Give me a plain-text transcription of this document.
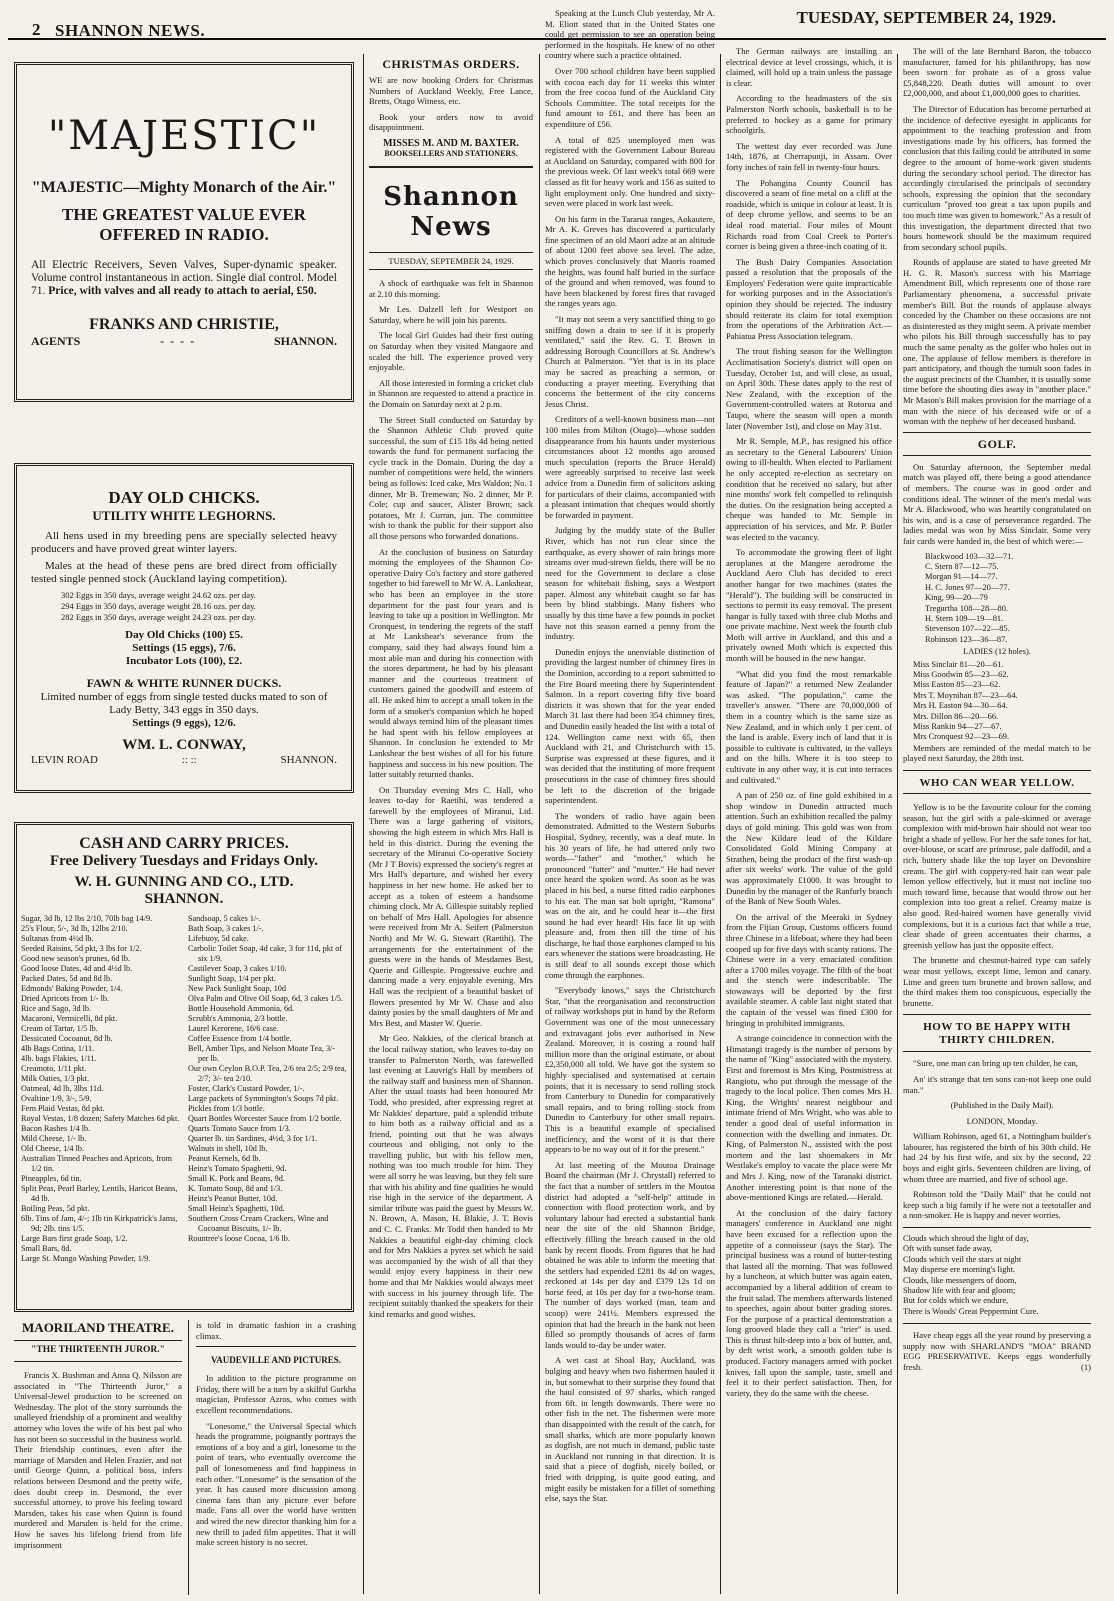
2 SHANNON NEWS.
TUESDAY, SEPTEMBER 24, 1929.
"MAJESTIC"
"MAJESTIC—Mighty Monarch of the Air."
THE GREATEST VALUE EVER OFFERED IN RADIO.
All Electric Receivers, Seven Valves, Super-dynamic speaker. Volume control instantaneous in action. Single dial control. Model 71. Price, with valves and all ready to attach to aerial, £50.
FRANKS AND CHRISTIE,
AGENTS	-  -  -  -	SHANNON.
DAY OLD CHICKS.
UTILITY WHITE LEGHORNS.
All hens used in my breeding pens are specially selected heavy producers and have proved great winter layers.
Males at the head of these pens are bred direct from officially tested single penned stock (Auckland laying competition).
302 Eggs in 350 days, average weight 24.62 ozs. per day.
294 Eggs in 350 days, average weight 28.16 ozs. per day.
282 Eggs in 350 days, average weight 24.23 ozs. per day.
Day Old Chicks (100) £5.
Settings (15 eggs), 7/6.
Incubator Lots (100), £2.
FAWN & WHITE RUNNER DUCKS.
Limited number of eggs from single tested ducks mated to son of Lady Betty, 343 eggs in 350 days.
Settings (9 eggs), 12/6.
WM. L. CONWAY,
LEVIN ROAD	:: ::	SHANNON.
CASH AND CARRY PRICES.
Free Delivery Tuesdays and Fridays Only.
W. H. GUNNING AND CO., LTD.
SHANNON.
Sugar, 3d lb, 12 lbs 2/10, 70lb bag 14/9.
25's Flour, 5/-, 3d lb, 12lbs 2/10.
Sultanas from 4½d lb.
Seeded Raisins, 5d pkt, 3 lbs for 1/2.
Good new season's prunes, 6d lb.
Good loose Dates, 4d and 4½d lb.
Packed Dates, 5d and 8d lb.
Edmonds' Baking Powder, 1/4.
Dried Apricots from 1/- lb.
Rice and Sago, 3d lb.
Macaroni, Vermicelli, 8d pkt.
Cream of Tartar, 1/5 lb.
Dessicated Cocoanut, 8d lb.
4lb Bags Cotina, 1/11.
4lb. bags Flakies, 1/11.
Creamoto, 1/11 pkt.
Milk Oaties, 1/3 pkt.
Oatmeal, 4d lb, 3lbs 11d.
Ovaltine 1/9, 3/-, 5/9.
Fern Plaid Vestas, 8d pkt.
Royal Vestas, 1/8 dozen; Safety Matches 6d pkt.
Bacon Rashes 1/4 lb.
Mild Cheese, 1/- lb.
Old Cheese, 1/4 lb.
Australian Tinned Peaches and Apricots, from 1/2 tin.
Pineapples, 6d tin.
Split Peas, Pearl Barley, Lentils, Haricot Beans, 4d lb.
Boiling Peas, 5d pkt.
6lb. Tins of Jam, 4/-; 1lb tin Kirkpatrick's Jams, 9d; 2lb. tins 1/5.
Large Bars first grade Soap, 1/2.
Small Bars, 8d.
Large St. Mungo Washing Powder, 1/9.
Sandsoap, 5 cakes 1/-.
Bath Soap, 3 cakes 1/-.
Lifebuoy, 5d cake.
Carbolic Toilet Soap, 4d cake, 3 for 11d, pkt of six 1/9.
Castilever Soap, 3 cakes 1/10.
Sunlight Soap, 1/4 per pkt.
New Pack Sunlight Soap, 10d
Olva Palm and Olive Oil Soap, 6d, 3 cakes 1/5.
Bottle Household Ammonia, 6d.
Scrubb's Ammonia, 2/3 bottle.
Laurel Kerorene, 16/6 case.
Coffee Essence from 1/4 bottle.
Bell, Amber Tips, and Nelson Moate Tea, 3/- per lb.
Our own Ceylon B.O.P. Tea, 2/6 tea 2/5; 2/9 tea, 2/7; 3/- tea 2/10.
Foster, Clark's Custard Powder, 1/-.
Large packets of Symmington's Soups 7d pkt.
Pickles from 1/3 bottle.
Quart Bottles Worcester Sauce from 1/2 bottle.
Quarts Tomato Sauce from 1/3.
Quarter lb. tin Sardines, 4½d, 3 for 1/1.
Walnuts in shell, 10d lb.
Peanut Kernels, 6d lb.
Heinz's Tomato Spaghetti, 9d.
Small K. Pork and Beans, 9d.
K. Tomato Soup, 8d and 1/3.
Heinz's Peanut Butter, 10d.
Small Heinz's Spaghetti, 10d.
Southern Cross Cream Crackers, Wine and Cocoanut Biscuits, 1/- lb.
Rountree's loose Cocoa, 1/6 lb.
MAORILAND THEATRE.
"THE THIRTEENTH JUROR."

Francis X. Bushman and Anna Q. Nilsson are associated in "The Thirteenth Juror," a Universal-Jewel production to be screened on Wednesday. The plot of the story surrounds the unalleyed friendship of a prominent and wealthy attorney who loves the wife of his best pal who has not been so successful in the business world. Their friendship continues, even after the marriage of Marsden and Helen Frazier, and not until George Quinn, a political boss, infers relations between Desmond and the pretty wife, does doubt creep in. Desmond, the ever successful attorney, to prove his feeling toward Marsden, takes his case when Quinn is found murdered and Marsden is held for the crime. How he saves his lifelong friend from life imprisonment

is told in dramatic fashion in a crashing climax.

VAUDEVILLE AND PICTURES.

In addition to the picture programme on Friday, there will be a turn by a skilful Gurkha magician, Professor Azros, who comes with excellent recommendations.

"Lonesome," the Universal Special which heads the programme, poignantly portrays the emotions of a boy and a girl, lonesome to the point of tears, who eventually overcome the pall of lonesomeness and find happiness in each other. "Lonesome" is the sensation of the year. It has caused more discussion among cinema fans than any picture ever before made. Fans all over the world have written and wired the new director thanking him for a new thrill to jaded film appetites. That it will make screen history is no secret.

CHRISTMAS ORDERS.

WE are now booking Orders for Christmas Numbers of Auckland Weekly, Free Lance, Bretts, Otago Witness, etc.

Book your orders now to avoid disappointment.

MISSES M. AND M. BAXTER.
BOOKSELLERS AND STATIONERS.
Shannon News
TUESDAY, SEPTEMBER 24, 1929.

A shock of earthquake was felt in Shannon at 2.10 this morning.

Mr Les. Dalzell left for Westport on Saturday, where he will join his parents.

The local Girl Guides had their first outing on Saturday when they visited Mangaore and scaled the hill. The experience proved very enjoyable.

All those interested in forming a cricket club in Shannon are requested to attend a practice in the Domain on Saturday next at 2 p.m.

The Street Stall conducted on Saturday by the Shannon Athletic Club proved quite successful, the sum of £15 18s 4d being netted towards the fund for permanent surfacing the cycle track in the Domain. During the day a number of competitions were held, the winners being as follows: Iced cake, Mrs Waldon; No. 1 dinner, Mr B. Tremewan; No. 2 dinner, Mr P. Cole; cup and saucer, Alister Brown; sack potatoes, Mr J. Curran, jun. The committee wish to thank the public for their support also all those persons who forwarded donations.

At the conclusion of business on Saturday morning the employees of the Shannon Co-operative Dairy Co's factory and store gathered together to bid farewell to Mr W. A. Lankshear, who has been an employee in the store department for the past four years and is leaving to take up a position in Wellington. Mr Cronquest, in tendering the regrets of the staff at Mr Lankshear's severance from the company, said they had always found him a most able man and during his connection with the stores department, he had by his pleasant manner and the courteous treatment of customers gained the goodwill and esteem of all. He asked him to accept a small token in the form of a smoker's companion which he hoped would always remind him of the pleasant times he had spent with his fellow employees at Shannon. In conclusion he extended to Mr Lankshear the best wishes of all for his future happiness and success in his new position. The latter suitably returned thanks.

On Thursday evening Mrs C. Hall, who leaves to-day for Raetihi, was tendered a farewell by the employees of Miranui, Ltd. There was a large gathering of visitors, showing the high esteem in which Mrs Hall is held in this district. During the evening the secretary of the Miranui Co-operative Society (Mr J T Bovis) expressed the society's regret at Mrs Hall's departure, and wished her every happiness in her new home. He asked her to accept as a token of esteem a handsome chiming clock. Mr A. Gillespie suitably replied on behalf of Mrs Hall. Apologies for absence were received from Mr A. Seifert (Palmerston North) and Mr W. G. Stewart (Raetihi). The arrangements for the entertainment of the guests were in the hands of Mesdames Best, Querie and Gillespie. Progressive euchre and dancing made a very enjoyable evening. Mrs Hall was the recipient of a beautiful basket of flowers presented by Mr W. Chase and also dainty posies by the small daughters of Mr and Mrs Best, and Master W. Querie.

Mr Geo. Nakkies, of the clerical branch at the local railway station, who leaves to-day on transfer to Palmerston North, was farewelled last evening at Lauvrig's Hall by members of the railway staff and business men of Shannon. After the usual toasts had been honoured Mr Todd, who presided, after expressing regret at Mr Nakkies' departure, paid a splendid tribute to him both as a railway official and as a friend, pointing out that he was always courteous and obliging, not only to the travelling public, but with his fellow men, nothing was too much trouble for him. They were all sorry he was leaving, but they felt sure that with his ability and fine qualities he would rise high in the service of the department. A similar tribute was paid the guest by Messrs W. N. Brown, A. Mason, H. Blakie, J. T. Bovis and C. C. Franks. Mr Todd then handed to Mr Nakkies a beautiful eight-day chiming clock and for Mrs Nakkies a pyrex set which he said was accompanied by the wish of all that they would enjoy every happiness in their new home and that Mr Nakkies would always meet with success in his journey through life. The recipient suitably thanked the speakers for their kind remarks and good wishes.

Speaking at the Lunch Club yesterday, Mr A. M. Eliott stated that in the United States one could get permission to see an operation being performed in the hospitals. He knew of no other country where such a practice obtained.

Over 700 school children have been supplied with cocoa each day for 11 weeks this winter from the free cocoa fund of the Auckland City Schools Committee. The total receipts for the fund amount to £61, and there has been an expenditure of £56.

A total of 825 unemployed men was registered with the Government Labour Bureau at Auckland on Saturday, compared with 800 for the previous week. Of last week's total 669 were classed as fit for heavy work and 156 as suited to light employment only. One hundred and sixty-seven were placed in work last week.

On his farm in the Tararua ranges, Aokautere, Mr A. K. Greves has discovered a particularly fine specimen of an old Maori adze at an altitude of about 1200 feet above sea level. The adze, which proves conclusively that Maoris roamed the heights, was found half buried in the surface of the ground and when removed, was found to have been blackened by forest fires that ravaged the ranges years ago.

"It may not seem a very sanctified thing to go sniffing down a drain to see if it is properly ventilated," said the Rev. G. T. Brown in addressing Borough Councillors at St. Andrew's Church at Palmerston. "Yet that is in its place may be sacred as preaching a sermon, or conducting a prayer meeting. Everything that concerns the betterment of the city concerns Jesus Christ.

Creditors of a well-known business man—not 100 miles from Milton (Otago)—whose sudden disappearance from his haunts under mysterious circumstances about 12 months ago aroused much speculation (reports the Bruce Herald) were agreeably surprised to receive last week advice from a Dunedin firm of solicitors asking for particulars of their claims, accompanied with a pleasant intimation that cheques would shortly be forwarded in payment.

Judging by the muddy state of the Buller River, which has not run clear since the earthquake, as every shower of rain brings more streams over mud-strewn fields, there will be no need for the Government to declare a close season for whitebait fishing, says a Westport paper. Almost any whitebait caught so far has been by blind stabbings. Many fishers who usually by this time have a few pounds in pocket have not this season earned a penny from the industry.

Dunedin enjoys the unenviable distinction of providing the largest number of chimney fires in the Dominion, according to a report submitted to the Fire Board meeting there by Superintendent Salmon. In a report covering fifty five board districts it was shown that for the year ended March 31 last there had been 354 chimney fires, and Dunedin easily headed the list with a total of 124. Wellington came next with 65, then Auckland with 21, and Christchurch with 15. Surprise was expressed at these figures, and it was decided that the instituting of more frequent prosecutions in the case of chimney fires should be left to the discretion of the brigade superintendent.

The wonders of radio have again been demonstrated. Admitted to the Western Suburbs Hospital, Sydney, recently, was a deaf mute. In his 30 years of life, he had uttered only two words—"father" and "mother," which he pronounced "futter" and "mutter." He had never once heard the spoken word. As soon as he was placed in his bed, a nurse fitted radio earphones to his ear. The man sat bolt upright, "Ramona" was on the air, and he could hear it—the first sound he had ever heard! His face lit up with pleasure and, from then till the time of his discharge, he had those earphones clamped to his ears whenever the stations were broadcasting. He is still deaf to all sounds except those which come through the earphones.

"Everybody knows," says the Christchurch Star, "that the reorganisation and reconstruction of railway workshops put in hand by the Reform Government was one of the most unnecessary and extravagant jobs ever authorised in New Zealand. Moreover, it is costing a round half million more than the original estimate, or about £2,350,000 all told. We have got the system so highly specialised and systematised at certain points, that it is necessary to send rolling stock from Canterbury to Dunedin for comparatively small repairs, and to bring rolling stock from Dunedin to Canterbury for other small repairs. This is a beautiful example of specialised inefficiency, and the worst of it is that there appears to be no way out of it for the present."

At last meeting of the Moutoa Drainage Board the chairman (Mr J. Chrystall) referred to the fact that a number of settlers in the Moutoa district had adopted a "self-help" attitude in connection with flood protection work, and by voluntary labour had erected a substantial bank near the site of the old Shannon Bridge, effectively filling the breach caused in the old bank by recent floods. From figures that he had obtained he was able to inform the meeting that the settlers had expended £281 8s 4d on wages, reckoned at 14s per day and £379 12s 1d on horse feed, at 10s per day for a two-horse team. The number of days worked (man, team and scoop) were 241½. Members expressed the opinion that had the breach in the bank not been filled so promptly thousands of acres of farm lands would to-day be under water.

A wet cast at Shoal Bay, Auckland, was bulging and heavy when two fishermen hauled it in, but somewhat to their surprise they found that the haul consisted of 97 sharks, which ranged from 6ft. in length downwards. There were no other fish in the net. The fishermen were more than disappointed with the result of the catch, for small sharks, which are more popularly known as dogfish, are not much in demand, public taste in Auckland not running in that direction. It is said that a piece of dogfish, nicely boiled, or fried with dripping, is quite good eating, and might easily be mistaken for a fillet of something else, says the Star.

The German railways are installing an electrical device at level crossings, which, it is claimed, will hold up a train unless the passage is clear.

According to the headmasters of the six Palmerston North schools, basketball is to be preferred to hockey as a game for primary schoolgirls.

The wettest day ever recorded was June 14th, 1876, at Cherrapunji, in Assam. Over forty inches of rain fell in twenty-four hours.

The Pohangina County Council has discovered a seam of fine metal on a cliff at the roadside, which is unique in colour at least. It is of deep chrome yellow, and seems to be an ideal road material. Four miles of Mount Richards road from Coal Creek to Porter's corner is being given a three-inch coating of it.

The Bush Dairy Companies Association passed a resolution that the proposals of the Employers' Federation were quite impracticable for working purposes and in the Association's opinion they should be rejected. The industry should reiterate its claim for total exemption from the operations of the Arbitration Act.—Pahiatua Press Association telegram.

The trout fishing season for the Wellington Acclimatisation Society's district will open on Tuesday, October 1st, and will close, as usual, on April 30th. These dates apply to the rest of New Zealand, with the exception of the Government-controlled waters at Rotorua and Taupo, where the season will open a month later (November 1st), and close on May 31st.

Mr R. Semple, M.P., has resigned his office as secretary to the General Labourers' Union owing to ill-health. When elected to Parliament he only accepted re-election as secretary on condition that he received no salary, but after nine months' work felt compelled to relinquish the duties. On the resignation being accepted a cheque was handed to Mr. Semple in appreciation of his services, and Mr. P. Butler was elected to the vacancy.

To accommodate the growing fleet of light aeroplanes at the Mangere aerodrome the Auckland Aero Club has decided to erect another hangar for two machines (states the "Herald"). The building will be constructed in sections to permit its easy removal. The present hangar is fully taxed with three club Moths and one private machine. Next week the fourth club Moth will arrive in Auckland, and this and a privately owned Moth which is expected this month will be housed in the new hangar.

"What did you find the most remarkable feature of Japan?" a returned New Zealander was asked. "The population," came the traveller's answer. "There are 70,000,000 of them in a country which is the same size as New Zealand, and in which only 1 per cent. of the land is arable. Every inch of land that it is possible to cultivate is cultivated, in the valleys and on the hills. Where it is too steep to cultivate in any other way, it is cut into terraces and cultivated."

A pan of 250 oz. of fine gold exhibited in a shop window in Dunedin attracted much attention. Such an exhibition recalled the palmy days of gold mining. This gold was won from the New Kildare lead of the Kildare Consolidated Gold Mining Company at Strathen, being the product of the first wash-up after six weeks' work. The value of the gold was approximately £1000. It was brought to Dunedin by the manager of the Ranfurly branch of the Bank of New South Wales.

On the arrival of the Meeraki in Sydney from the Fijian Group, Customs officers found three Chinese in a lifeboat, where they had been cooped up for five days with scanty rations. The Chinese were in a very emaciated condition after a 1700 miles voyage. The filth of the boat and the stench were indescribable. The stowaways will be deported by the first available steamer. A cable last night stated that the captain of the vessel was fined £300 for bringing in prohibited immigrants.

A strange coincidence in connection with the Himatangi tragedy is the number of persons by the name of "King" associated with the mystery. First and foremost is Mrs King, Postmistress at Rangiotu, who put through the message of the tragedy to the local police. Then comes Mrs H. King, the Wrights' nearest neighbour and intimate friend of Mrs Wright, who was able to tender a good deal of useful information in connection with the dwelling and inmates. Dr. King, of Palmerston N., assisted with the post mortem and the last shoemakers in Mr Westlake's employ to vacate the place were Mr and Mrs J. King, now of the Taranaki district. Another interesting point is that none of the above-mentioned Kings are related.—Herald.

At the conclusion of the dairy factory managers' conference in Auckland one night have been excused for a reflection upon the appetite of a connoisseur (says the Star). The principal business was a round of butter-testing that lasted all the morning. That was followed by a luncheon, at which butter was again eaten, accompanied by a liberal addition of cream to the fruit salad. The members afterwards listened to speeches, again about butter grading stores. For the purpose of a practical demonstration a long grooved blade they call a "trier" is used. This is thrust hilt-deep into a box of butter, and, by deft wrist work, a smooth golden tube is produced. Factory managers armed with pocket knives, fall upon the sample, taste, smell and feel it to their perfect satisfaction. Then, for variety, they do the same with the cheese.

The will of the late Bernhard Baron, the tobacco manufacturer, famed for his philanthropy, has now been sworn for probate as of a gross value £5,848,220. Death duties will amount to over £2,000,000, and about £1,000,000 goes to charities.

The Director of Education has become perturbed at the incidence of defective eyesight in applicants for appointment to the teaching profession and from investigations made by his officers, has formed the conclusion that this failing could be attributed in some degree to the amount of home-work given students during the secondary school period. The director has accordingly circularised the principals of secondary schools, expressing the opinion that the secondary curriculum "proved too great a tax upon pupils and too much time was given to homework." As a result of this investigation, the department directed that two hours homework should be the maximum required from secondary school pupils.

Rounds of applause are stated to have greeted Mr H. G. R. Mason's success with his Marriage Amendment Bill, which represents one of those rare Parliamentary phenomena, a successful private member's Bill. But the rounds of applause always conceded by the Chamber on these occasions are not as disinterested as they might seem. A private member who pilots his Bill through successfully has to pay much the same penalty as the golfer who holes out in one. The applause of fellow members is therefore in part anticipatory, and though the tumult soon fades in the august precincts of the Chamber, it is usually some time before the shouting dies away in "another place." Mr Mason's Bill makes provision for the marriage of a man with the niece of his deceased wife or of a woman with the nephew of her deceased husband.

GOLF.

On Saturday afternoon, the September medal match was played off, there being a good attendance of members. The course was in good order and conditions ideal. The winner of the men's medal was Mr A. Blackwood, who was heartily congratulated on his win, and is a case of perseverance regarded. The ladies medal was won by Miss Sinclair. Some very fair cards were handed in, the best of which were:—

Blackwood 103—32—71.
C. Stern 87—12—75.
Morgan 91—14—77.
H. C. Jones 97—20—77.
King, 99—20—79
Tregurtha 108—28—80.
H. Stern 109—19—81.
Stevenson 107—22—85.
Robinson 123—36—87.
LADIES (12 holes).
Miss Sinclair 81—20—61.
Miss Goodwin 85—23—62.
Miss Easton 85—23—62.
Mrs T. Moynihan 87—23—64.
Mrs H. Easton 94—30—64.
Mrs. Dillon 86—20—66.
Miss Rankin 94—27—67.
Mrs Cronquest 92—23—69.

Members are reminded of the medal match to be played next Saturday, the 28th inst.

WHO CAN WEAR YELLOW.

Yellow is to be the favourite colour for the coming season, but the girl with a pale-skinned or average complexion with mid-brown hair should not wear too bright a shade of yellow. For her the safe tones for hat, over-blouse, or scarf are primrose, pale daffodil, and a rich, buttery shade like the top layer on Devonshire cream. The girl with coppery-red hair can wear pale lemon yellow effectively, but it must not incline too much toward lime, because that would throw out her complexion into too great a relief. Creamy maize is also good. Red-haired women have generally vivid complexions, but it is a curious fact that while a true, clear shade of green accentuates their charms, a greenish yellow has just the opposite effect.

The brunette and chestnut-haired type can safely wear most yellows, except lime, lemon and canary. Lime and green turn brunette and brown sallow, and the third makes them too conspicuous, especially the brunette.

HOW TO BE HAPPY WITH THIRTY CHILDREN.

"Sure, one man can bring up ten childer, he can,

An' it's strange that ten sons can-not keep one ould man."

(Published in the Daily Mail).

LONDON, Monday.

William Robinson, aged 61, a Nottingham builder's labourer, has registered the birth of his 30th child. He had 24 by his first wife, and six by the second, 22 boys and eight girls. Seventeen children are living, of whom three are married, and five of school age.

Robinson told the "Daily Mail" that he could not keep such a big family if he were not a teetotaller and a non-smoker. He is happy and never worries.

Clouds which shroud the light of day,
Oft with sunset fade away,
Clouds which veil the stars at night
May disperse ere morning's light.
Clouds, like messengers of doom,
Shadow life with fear and gloom;
But for colds which we endure,
There is Woods' Great Peppermint Cure.

Have cheap eggs all the year round by preserving a supply now with SHARLAND'S "MOA" BRAND EGG PRESERVATIVE. Keeps eggs wonderfully fresh.	(1)
